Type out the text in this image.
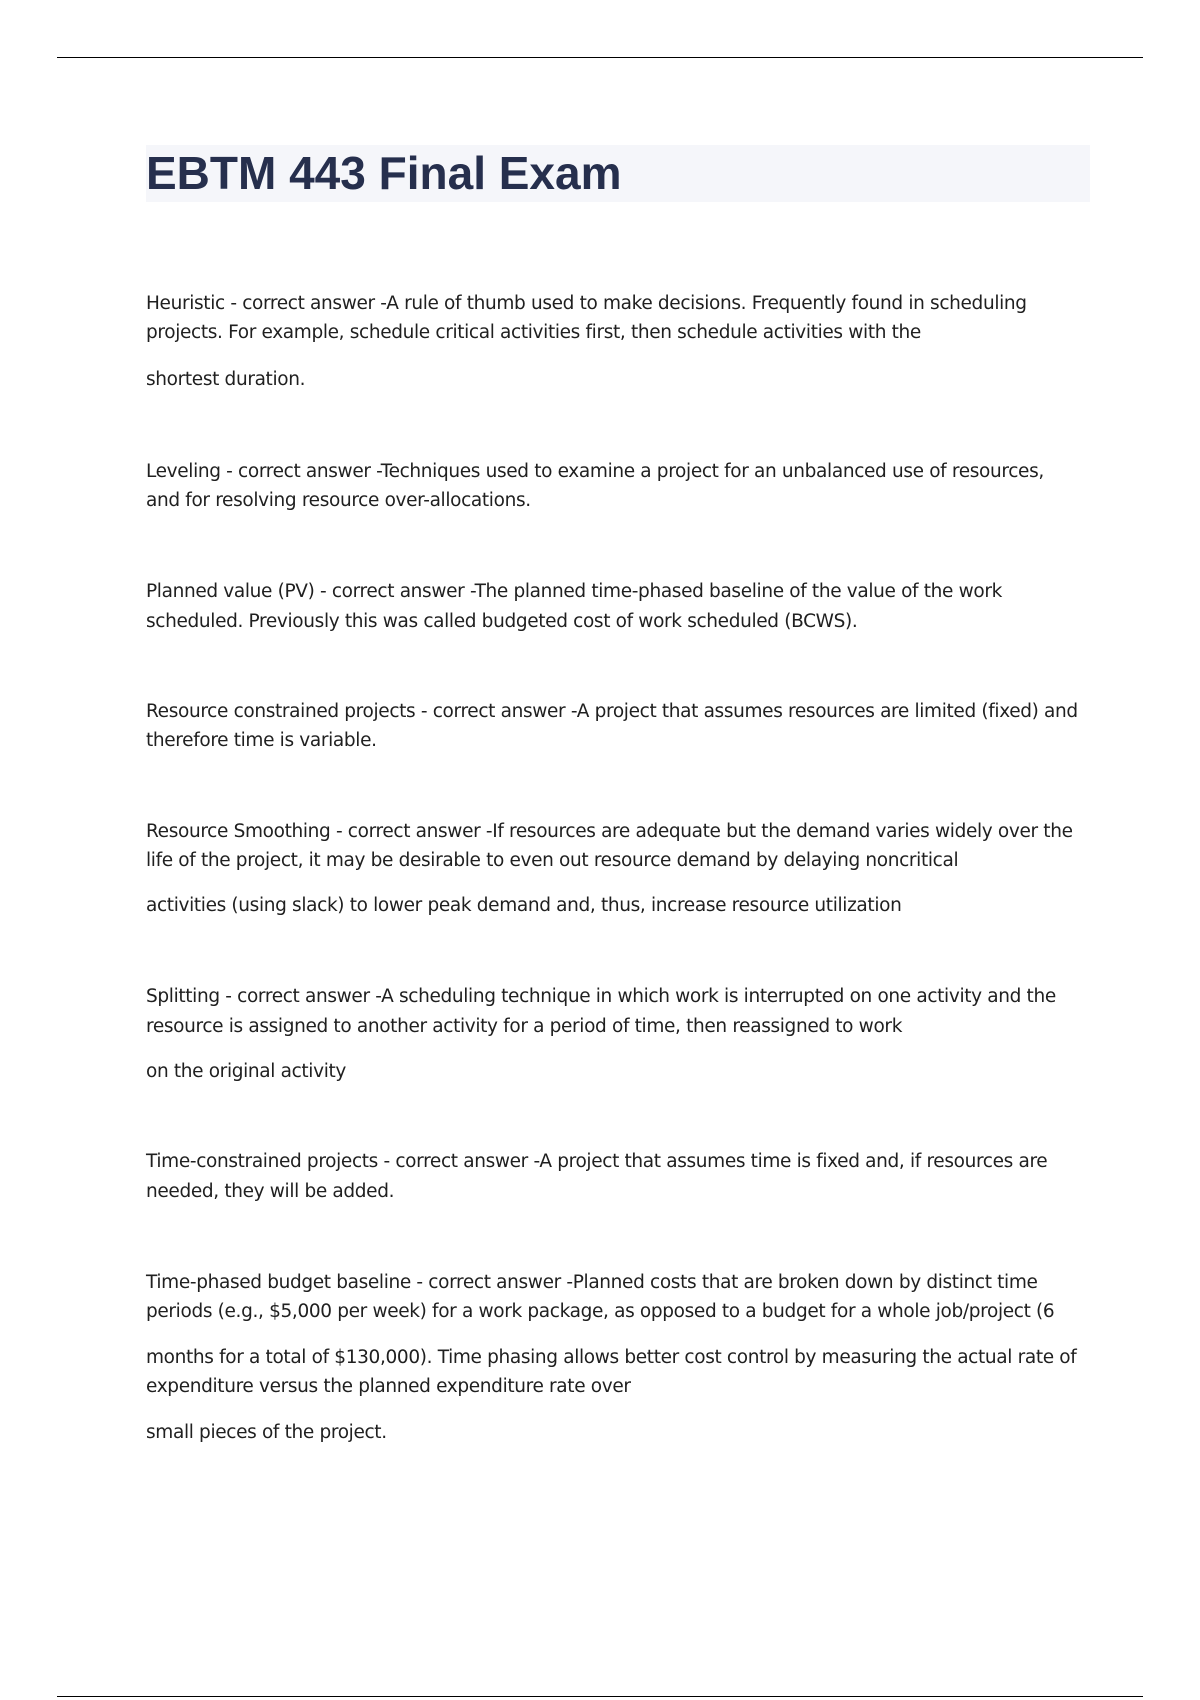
EBTM 443 Final Exam

Heuristic - correct answer -A rule of thumb used to make decisions. Frequently found in scheduling

projects. For example, schedule critical activities first, then schedule activities with the

shortest duration.

Leveling - correct answer -Techniques used to examine a project for an unbalanced use of resources,

and for resolving resource over-allocations.

Planned value (PV) - correct answer -The planned time-phased baseline of the value of the work

scheduled. Previously this was called budgeted cost of work scheduled (BCWS).

Resource constrained projects - correct answer -A project that assumes resources are limited (fixed) and

therefore time is variable.

Resource Smoothing - correct answer -If resources are adequate but the demand varies widely over the

life of the project, it may be desirable to even out resource demand by delaying noncritical

activities (using slack) to lower peak demand and, thus, increase resource utilization

Splitting - correct answer -A scheduling technique in which work is interrupted on one activity and the

resource is assigned to another activity for a period of time, then reassigned to work

on the original activity

Time-constrained projects - correct answer -A project that assumes time is fixed and, if resources are

needed, they will be added.

Time-phased budget baseline - correct answer -Planned costs that are broken down by distinct time

periods (e.g., $5,000 per week) for a work package, as opposed to a budget for a whole job/project (6

months for a total of $130,000). Time phasing allows better cost control by measuring the actual rate of

expenditure versus the planned expenditure rate over

small pieces of the project.
